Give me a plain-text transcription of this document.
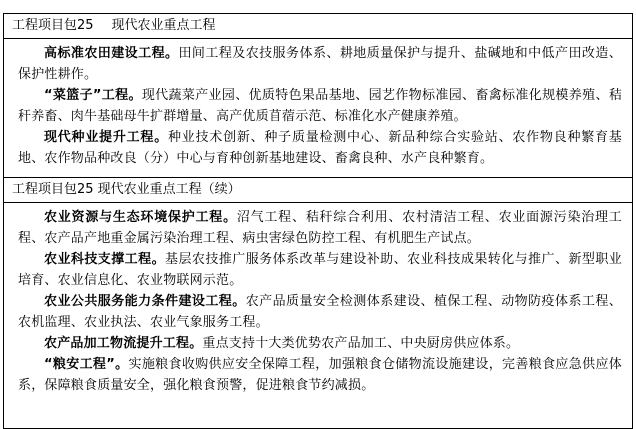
工程项目包25 现代农业重点工程

高标准农田建设工程。田间工程及农技服务体系、耕地质量保护与提升、盐碱地和中低产田改造、保护性耕作。

“菜篮子”工程。现代蔬菜产业园、优质特色果品基地、园艺作物标准园、畜禽标准化规模养殖、秸秆养畜、肉牛基础母牛扩群增量、高产优质苜蓿示范、标准化水产健康养殖。

现代种业提升工程。种业技术创新、种子质量检测中心、新品种综合实验站、农作物良种繁育基地、农作物品种改良（分）中心与育种创新基地建设、畜禽良种、水产良种繁育。

工程项目包25 现代农业重点工程（续）

农业资源与生态环境保护工程。沼气工程、秸秆综合利用、农村清洁工程、农业面源污染治理工程、农产品产地重金属污染治理工程、病虫害绿色防控工程、有机肥生产试点。

农业科技支撑工程。基层农技推广服务体系改革与建设补助、农业科技成果转化与推广、新型职业培育、农业信息化、农业物联网示范。

农业公共服务能力条件建设工程。农产品质量安全检测体系建设、植保工程、动物防疫体系工程、农机监理、农业执法、农业气象服务工程。

农产品加工物流提升工程。重点支持十大类优势农产品加工、中央厨房供应体系。

“粮安工程”。实施粮食收购供应安全保障工程，加强粮食仓储物流设施建设，完善粮食应急供应体系，保障粮食质量安全，强化粮食预警，促进粮食节约减损。
